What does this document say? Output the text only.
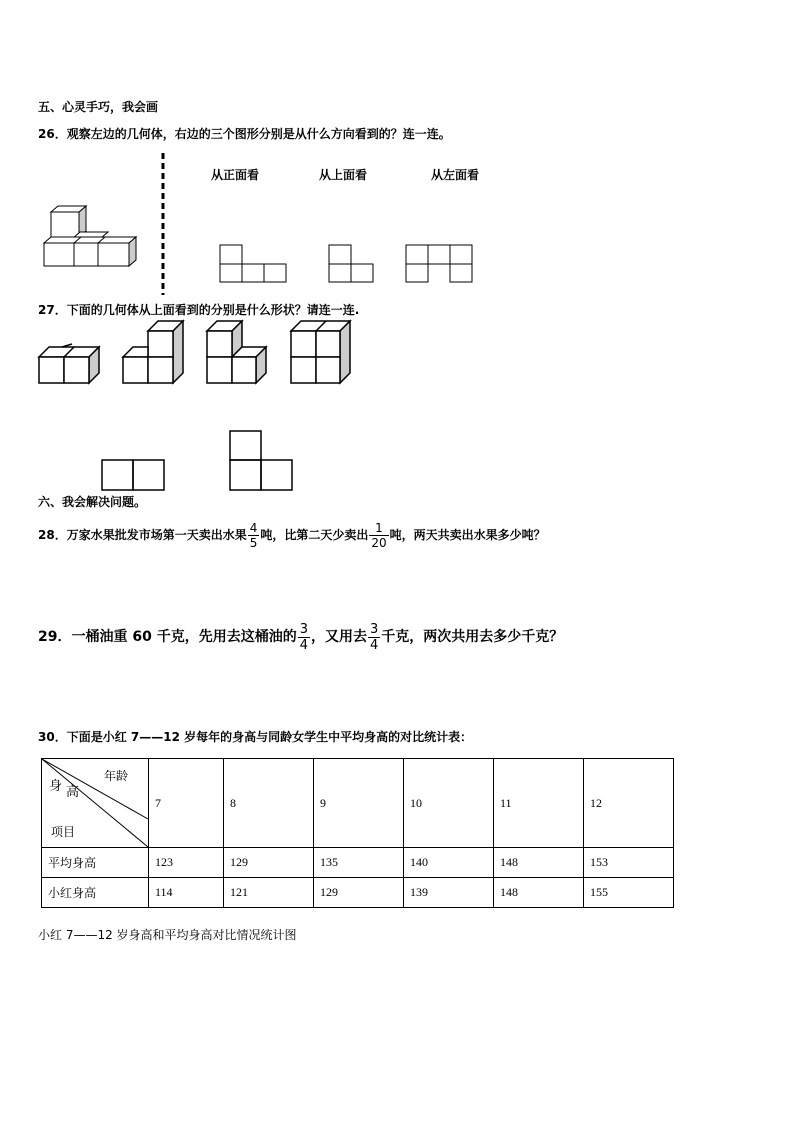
五、心灵手巧，我会画
26．观察左边的几何体，右边的三个图形分别是从什么方向看到的？连一连。
从正面看	从上面看	从左面看
27．下面的几何体从上面看到的分别是什么形状？请连一连.
六、我会解决问题。
28．万家水果批发市场第一天卖出水果 $\frac{4}{5}$ 吨，比第二天少卖出 $\frac{1}{20}$ 吨，两天共卖出水果多少吨？
29．一桶油重 60 千克，先用去这桶油的 $\frac{3}{4}$ ，又用去 $\frac{3}{4}$ 千克，两次共用去多少千克？
30．下面是小红 7——12 岁每年的身高与同龄女学生中平均身高的对比统计表：
年龄
身 高
项目	7	8	9	10	11	12
平均身高	123	129	135	140	148	153
小红身高	114	121	129	139	148	155
小红 7——12 岁身高和平均身高对比情况统计图
